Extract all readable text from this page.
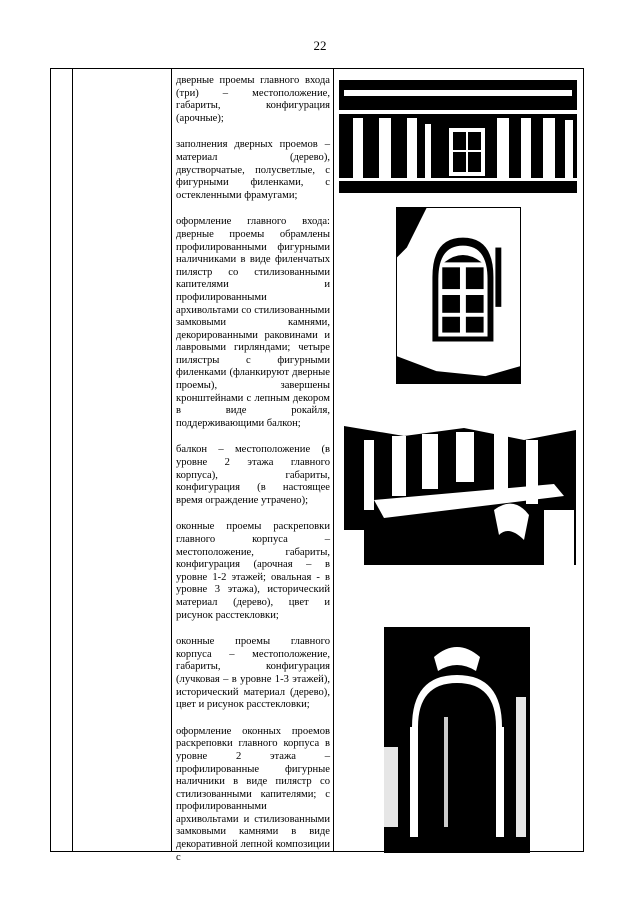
22

дверные проемы главного входа (три) – местоположение, габариты, конфигурация (арочные);

заполнения дверных проемов – материал (дерево), двустворчатые, полусветлые, с фигурными филенками, с остекленными фрамугами;

оформление главного входа: дверные проемы обрамлены профилированными фигурными наличниками в виде филенчатых пилястр со стилизованными капителями и профилированными архивольтами со стилизованными замковыми камнями, декорированными раковинами и лавровыми гирляндами; четыре пилястры с фигурными филенками (фланкируют дверные проемы), завершены кронштейнами с лепным декором в виде рокайля, поддерживающими балкон;

балкон – местоположение (в уровне 2 этажа главного корпуса), габариты, конфигурация (в настоящее время ограждение утрачено);

оконные проемы раскреповки главного корпуса – местоположение, габариты, конфигурация (арочная – в уровне 1-2 этажей; овальная - в уровне 3 этажа), исторический материал (дерево), цвет и рисунок расстекловки;

оконные проемы главного корпуса – местоположение, габариты, конфигурация (лучковая – в уровне 1-3 этажей), исторический материал (дерево), цвет и рисунок расстекловки;

оформление оконных проемов раскреповки главного корпуса в уровне 2 этажа – профилированные фигурные наличники в виде пилястр со стилизованными капителями; с профилированными архивольтами и стилизованными замковыми камнями в виде декоративной лепной композиции с
